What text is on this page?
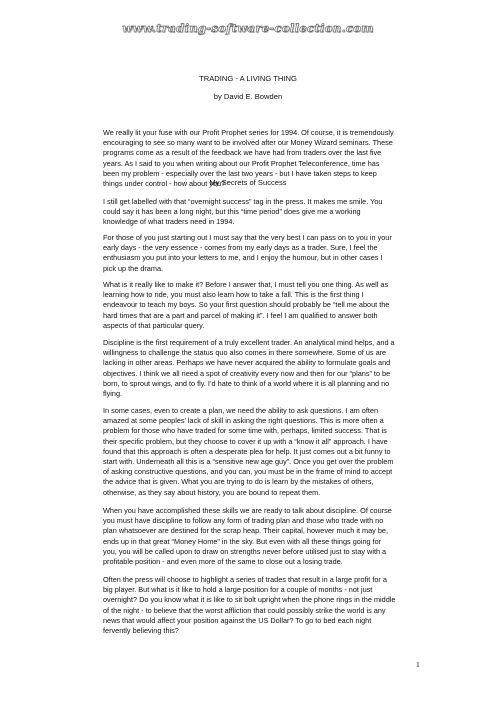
www.trading-software-collection.com
TRADING - A LIVING THING
by David E. Bowden
My Secrets of Success
We really lit your fuse with our Profit Prophet series for 1994. Of course, it is tremendously
encouraging to see so many want to be involved after our Money Wizard seminars. These
programs come as a result of the feedback we have had from traders over the last five
years. As I said to you when writing about our Profit Prophet Teleconference, time has
been my problem - especially over the last two years - but I have taken steps to keep
things under control - how about you?
I still get labelled with that “overnight success” tag in the press. It makes me smile. You
could say it has been a long night, but this “time period” does give me a working
knowledge of what traders need in 1994.
For those of you just starting out I must say that the very best I can pass on to you in your
early days - the very essence - comes from my early days as a trader. Sure, I feel the
enthusiasm you put into your letters to me, and I enjoy the humour, but in other cases I
pick up the drama.
What is it really like to make it? Before I answer that, I must tell you one thing. As well as
learning how to ride, you must also learn how to take a fall. This is the first thing I
endeavour to teach my boys. So your first question should probably be “tell me about the
hard times that are a part and parcel of making it”. I feel I am qualified to answer both
aspects of that particular query.
Discipline is the first requirement of a truly excellent trader. An analytical mind helps, and a
willingness to challenge the status quo also comes in there somewhere. Some of us are
lacking in other areas. Perhaps we have never acquired the ability to formulate goals and
objectives. I think we all need a spot of creativity every now and then for our “plans” to be
born, to sprout wings, and to fly. I’d hate to think of a world where it is all planning and no
flying.
In some cases, even to create a plan, we need the ability to ask questions. I am often
amazed at some peoples’ lack of skill in asking the right questions. This is more often a
problem for those who have traded for some time with, perhaps, limited success. That is
their specific problem, but they choose to cover it up with a “know it all” approach. I have
found that this approach is often a desperate plea for help. It just comes out a bit funny to
start with. Underneath all this is a “sensitive new age guy”. Once you get over the problem
of asking constructive questions, and you can, you must be in the frame of mind to accept
the advice that is given. What you are trying to do is learn by the mistakes of others,
otherwise, as they say about history, you are bound to repeat them.
When you have accomplished these skills we are ready to talk about discipline. Of course
you must have discipline to follow any form of trading plan and those who trade with no
plan whatsoever are destined for the scrap heap. Their capital, however much it may be,
ends up in that great “Money Home” in the sky. But even with all these things going for
you, you will be called upon to draw on strengths never before utilised just to stay with a
profitable position - and even more of the same to close out a losing trade.
Often the press will choose to highlight a series of trades that result in a large profit for a
big player. But what is it like to hold a large position for a couple of months - not just
overnight? Do you know what it is like to sit bolt upright when the phone rings in the middle
of the night - to believe that the worst affliction that could possibly strike the world is any
news that would affect your position against the US Dollar? To go to bed each night
fervently believing this?
1
